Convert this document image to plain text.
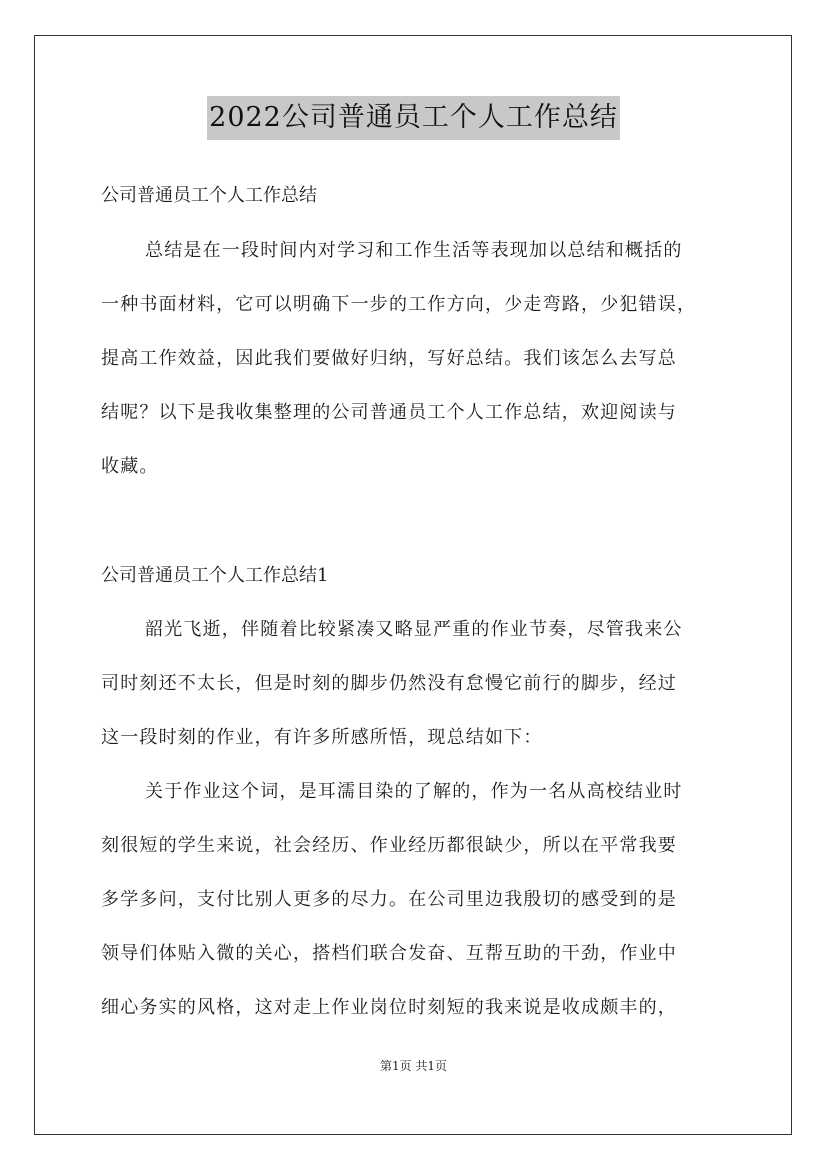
2022公司普通员工个人工作总结
公司普通员工个人工作总结
总结是在一段时间内对学习和工作生活等表现加以总结和概括的
一种书面材料，它可以明确下一步的工作方向，少走弯路，少犯错误，
提高工作效益，因此我们要做好归纳，写好总结。我们该怎么去写总
结呢？以下是我收集整理的公司普通员工个人工作总结，欢迎阅读与
收藏。
公司普通员工个人工作总结1
韶光飞逝，伴随着比较紧凑又略显严重的作业节奏，尽管我来公
司时刻还不太长，但是时刻的脚步仍然没有怠慢它前行的脚步，经过
这一段时刻的作业，有许多所感所悟，现总结如下：
关于作业这个词，是耳濡目染的了解的，作为一名从高校结业时
刻很短的学生来说，社会经历、作业经历都很缺少，所以在平常我要
多学多问，支付比别人更多的尽力。在公司里边我殷切的感受到的是
领导们体贴入微的关心，搭档们联合发奋、互帮互助的干劲，作业中
细心务实的风格，这对走上作业岗位时刻短的我来说是收成颇丰的，
第1页 共1页
